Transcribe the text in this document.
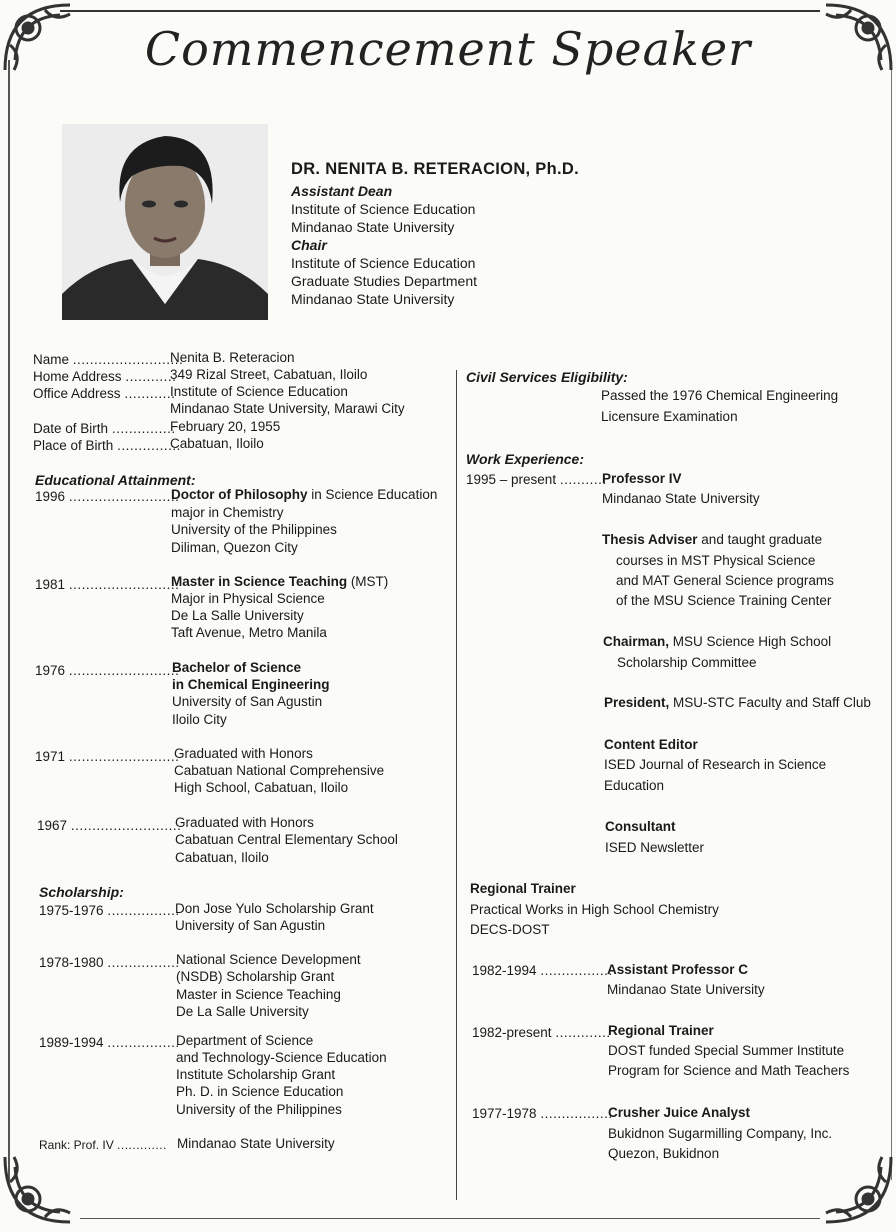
Commencement Speaker
DR. NENITA B. RETERACION, Ph.D.
Assistant Dean
Institute of Science Education
Mindanao State University
Chair
Institute of Science Education
Graduate Studies Department
Mindanao State University
Name ..........................
Nenita B. Reteracion
Home Address ............
349 Rizal Street, Cabatuan, Iloilo
Office Address ............
Institute of Science Education
Mindanao State University, Marawi City
Date of Birth ...............
February 20, 1955
Place of Birth ...............
Cabatuan, Iloilo
Educational Attainment:
1996 ..........................
Doctor of Philosophy in Science Education
major in Chemistry
University of the Philippines
Diliman, Quezon City
1981 ..........................
Master in Science Teaching (MST)
Major in Physical Science
De La Salle University
Taft Avenue, Metro Manila
1976 ..........................
Bachelor of Science
in Chemical Engineering
University of San Agustin
Iloilo City
1971 ..........................
Graduated with Honors
Cabatuan National Comprehensive
High School, Cabatuan, Iloilo
1967 ..........................
Graduated with Honors
Cabatuan Central Elementary School
Cabatuan, Iloilo
Scholarship:
1975-1976 .................
Don Jose Yulo Scholarship Grant
University of San Agustin
1978-1980 .................
National Science Development
(NSDB) Scholarship Grant
Master in Science Teaching
De La Salle University
1989-1994 .................
Department of Science
and Technology-Science Education
Institute Scholarship Grant
Ph. D. in Science Education
University of the Philippines
Rank: Prof. IV ............. Mindanao State University
Civil Services Eligibility:
Passed the 1976 Chemical Engineering
Licensure Examination
Work Experience:
1995 – present ...........
Professor IV
Mindanao State University
Thesis Adviser and taught graduate
courses in MST Physical Science
and MAT General Science programs
of the MSU Science Training Center
Chairman, MSU Science High School
Scholarship Committee
President, MSU-STC Faculty and Staff Club
Content Editor
ISED Journal of Research in Science
Education
Consultant
ISED Newsletter
Regional Trainer
Practical Works in High School Chemistry
DECS-DOST
1982-1994 .................
Assistant Professor C
Mindanao State University
1982-present .............
Regional Trainer
DOST funded Special Summer Institute
Program for Science and Math Teachers
1977-1978 .................
Crusher Juice Analyst
Bukidnon Sugarmilling Company, Inc.
Quezon, Bukidnon
